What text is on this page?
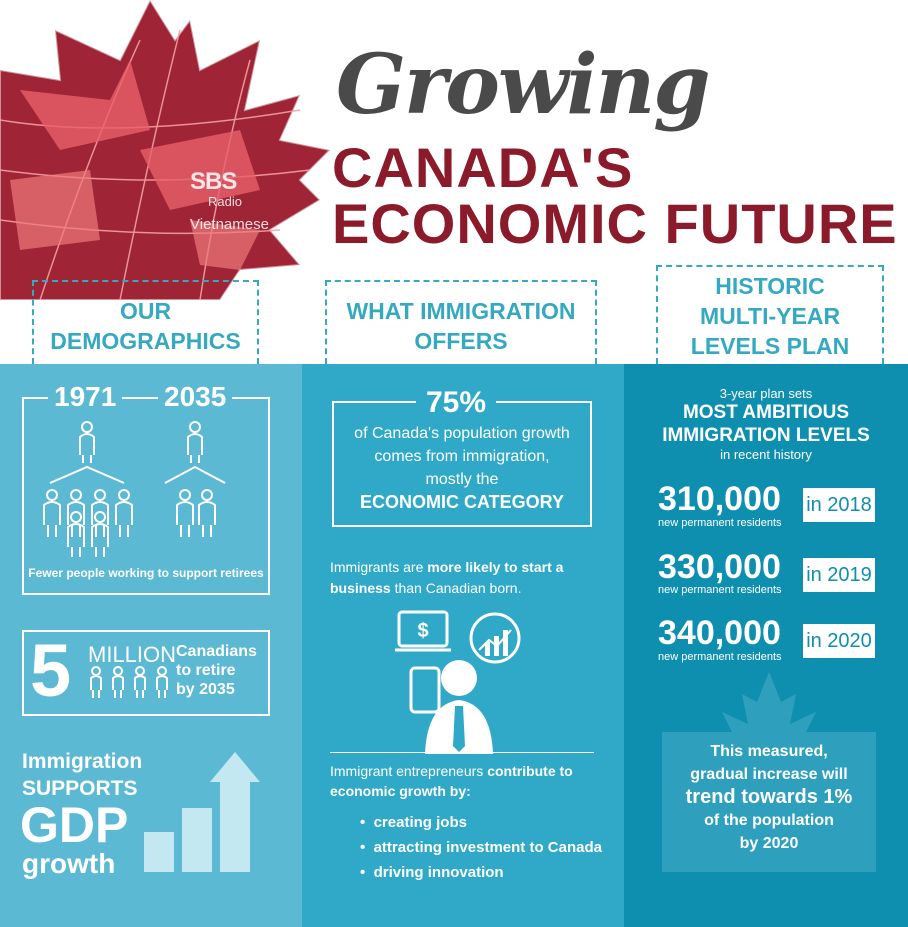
SBS
Radio
Vietnamese
Growing
CANADA'S
ECONOMIC FUTURE
OUR
DEMOGRAPHICS
WHAT IMMIGRATION
OFFERS
HISTORIC
MULTI-YEAR
LEVELS PLAN
1971 2035
Fewer people working to support retirees
5 MILLION Canadians
to retire
by 2035
Immigration
SUPPORTS
GDP
growth
75%
of Canada's population growth
comes from immigration,
mostly the
ECONOMIC CATEGORY
Immigrants are more likely to start a
business than Canadian born.
$
Immigrant entrepreneurs contribute to
economic growth by:
•  creating jobs
•  attracting investment to Canada
•  driving innovation
3-year plan sets
MOST AMBITIOUS
IMMIGRATION LEVELS
in recent history
310,000
new permanent residents
in 2018
330,000
new permanent residents
in 2019
340,000
new permanent residents
in 2020
This measured,
gradual increase will
trend towards 1%
of the population
by 2020
